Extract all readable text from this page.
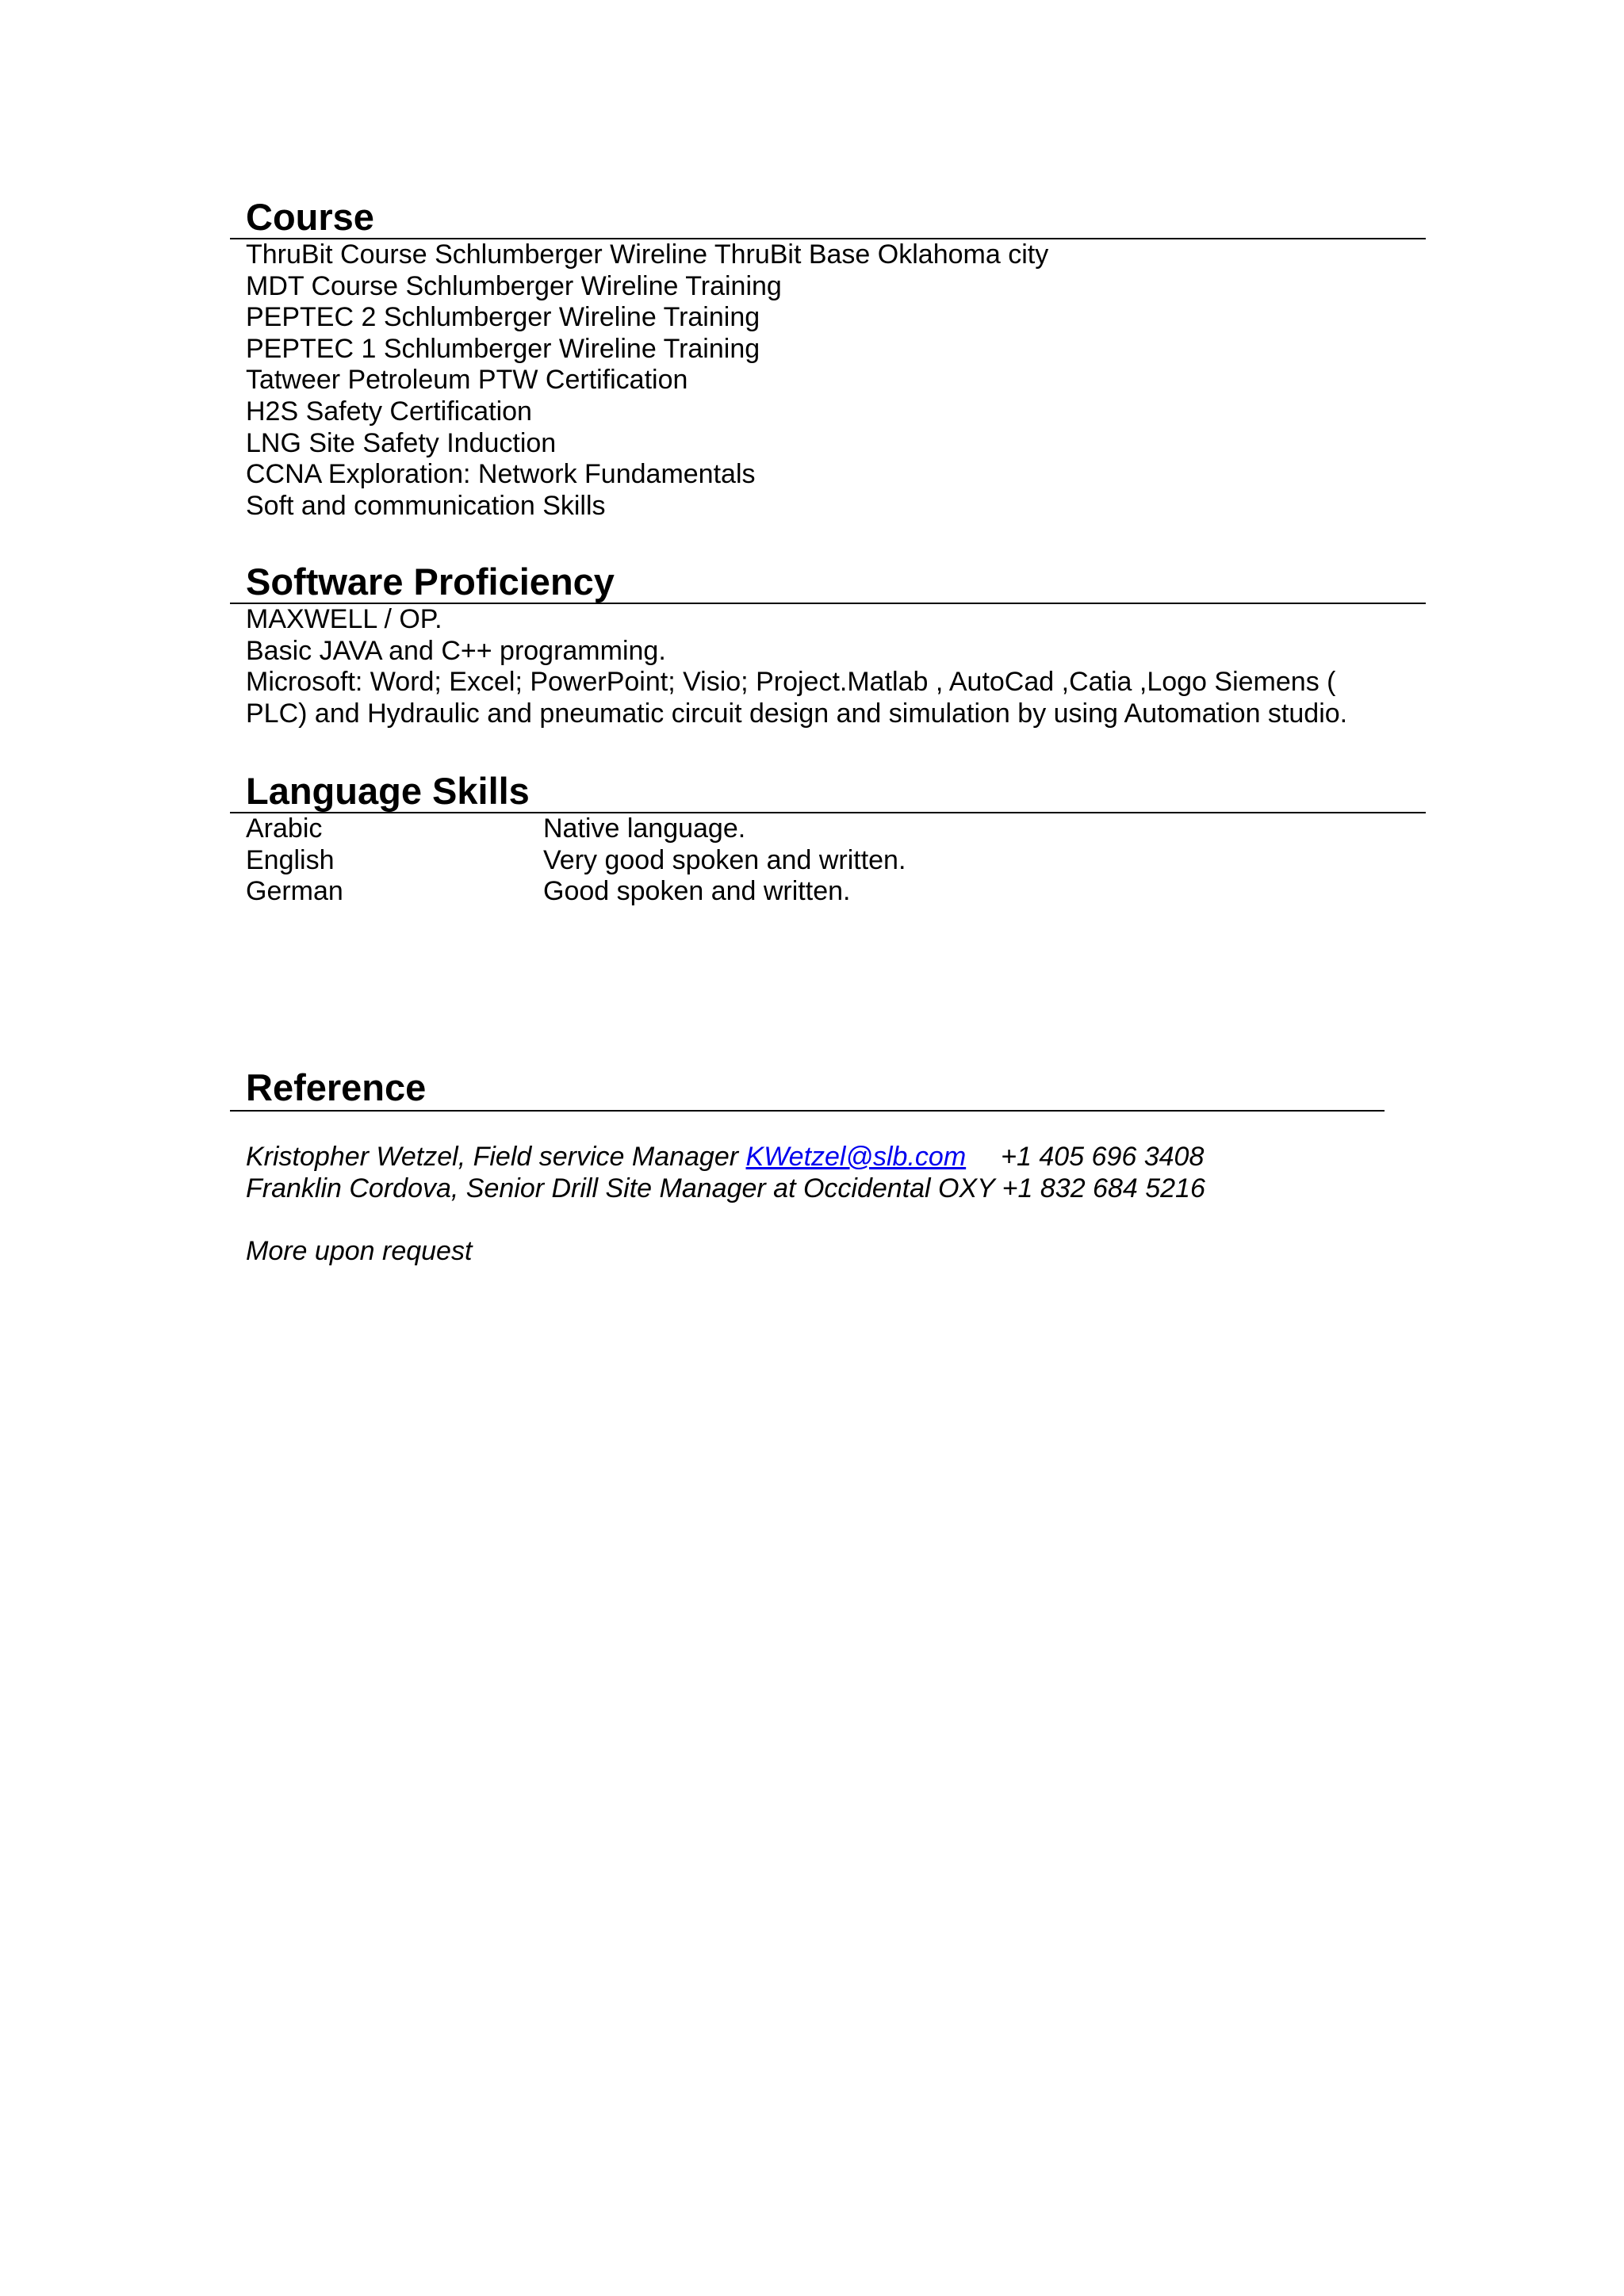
Course
ThruBit Course Schlumberger Wireline ThruBit Base Oklahoma city
MDT Course Schlumberger Wireline Training
PEPTEC 2 Schlumberger Wireline Training
PEPTEC 1 Schlumberger Wireline Training
Tatweer Petroleum PTW Certification
H2S Safety Certification
LNG Site Safety Induction
CCNA Exploration: Network Fundamentals
Soft and communication Skills
Software Proficiency
MAXWELL / OP.
Basic JAVA and C++ programming.
Microsoft: Word; Excel; PowerPoint; Visio; Project.Matlab , AutoCad ,Catia ,Logo Siemens ( PLC) and Hydraulic and pneumatic circuit design and simulation by using Automation studio.
Language Skills
Arabic	Native language.
English	Very good spoken and written.
German	Good spoken and written.
Reference
Kristopher Wetzel, Field service Manager KWetzel@slb.com +1 405 696 3408
Franklin Cordova, Senior Drill Site Manager at Occidental OXY +1 832 684 5216
More upon request
